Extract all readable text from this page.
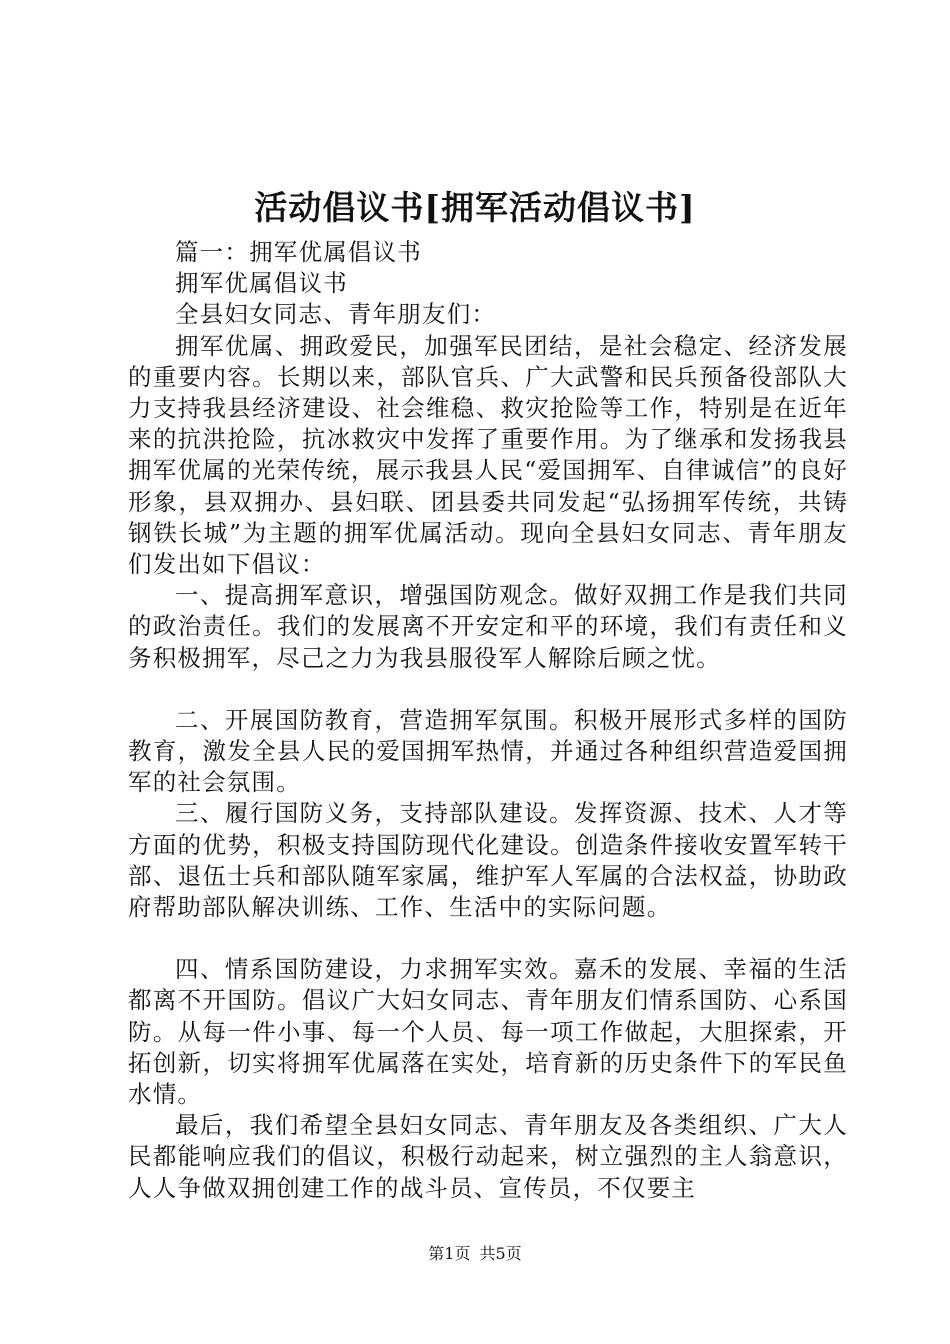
活动倡议书[拥军活动倡议书]

篇一：拥军优属倡议书

拥军优属倡议书

全县妇女同志、青年朋友们：

拥军优属、拥政爱民，加强军民团结，是社会稳定、经济发展的重要内容。长期以来，部队官兵、广大武警和民兵预备役部队大力支持我县经济建设、社会维稳、救灾抢险等工作，特别是在近年来的抗洪抢险，抗冰救灾中发挥了重要作用。为了继承和发扬我县拥军优属的光荣传统，展示我县人民“爱国拥军、自律诚信”的良好形象，县双拥办、县妇联、团县委共同发起“弘扬拥军传统，共铸钢铁长城”为主题的拥军优属活动。现向全县妇女同志、青年朋友们发出如下倡议：

一、提高拥军意识，增强国防观念。做好双拥工作是我们共同的政治责任。我们的发展离不开安定和平的环境，我们有责任和义务积极拥军，尽己之力为我县服役军人解除后顾之忧。

二、开展国防教育，营造拥军氛围。积极开展形式多样的国防教育，激发全县人民的爱国拥军热情，并通过各种组织营造爱国拥军的社会氛围。

三、履行国防义务，支持部队建设。发挥资源、技术、人才等方面的优势，积极支持国防现代化建设。创造条件接收安置军转干部、退伍士兵和部队随军家属，维护军人军属的合法权益，协助政府帮助部队解决训练、工作、生活中的实际问题。

四、情系国防建设，力求拥军实效。嘉禾的发展、幸福的生活都离不开国防。倡议广大妇女同志、青年朋友们情系国防、心系国防。从每一件小事、每一个人员、每一项工作做起，大胆探索，开拓创新，切实将拥军优属落在实处，培育新的历史条件下的军民鱼水情。

最后，我们希望全县妇女同志、青年朋友及各类组织、广大人民都能响应我们的倡议，积极行动起来，树立强烈的主人翁意识，人人争做双拥创建工作的战斗员、宣传员，不仅要主

第1页 共5页
